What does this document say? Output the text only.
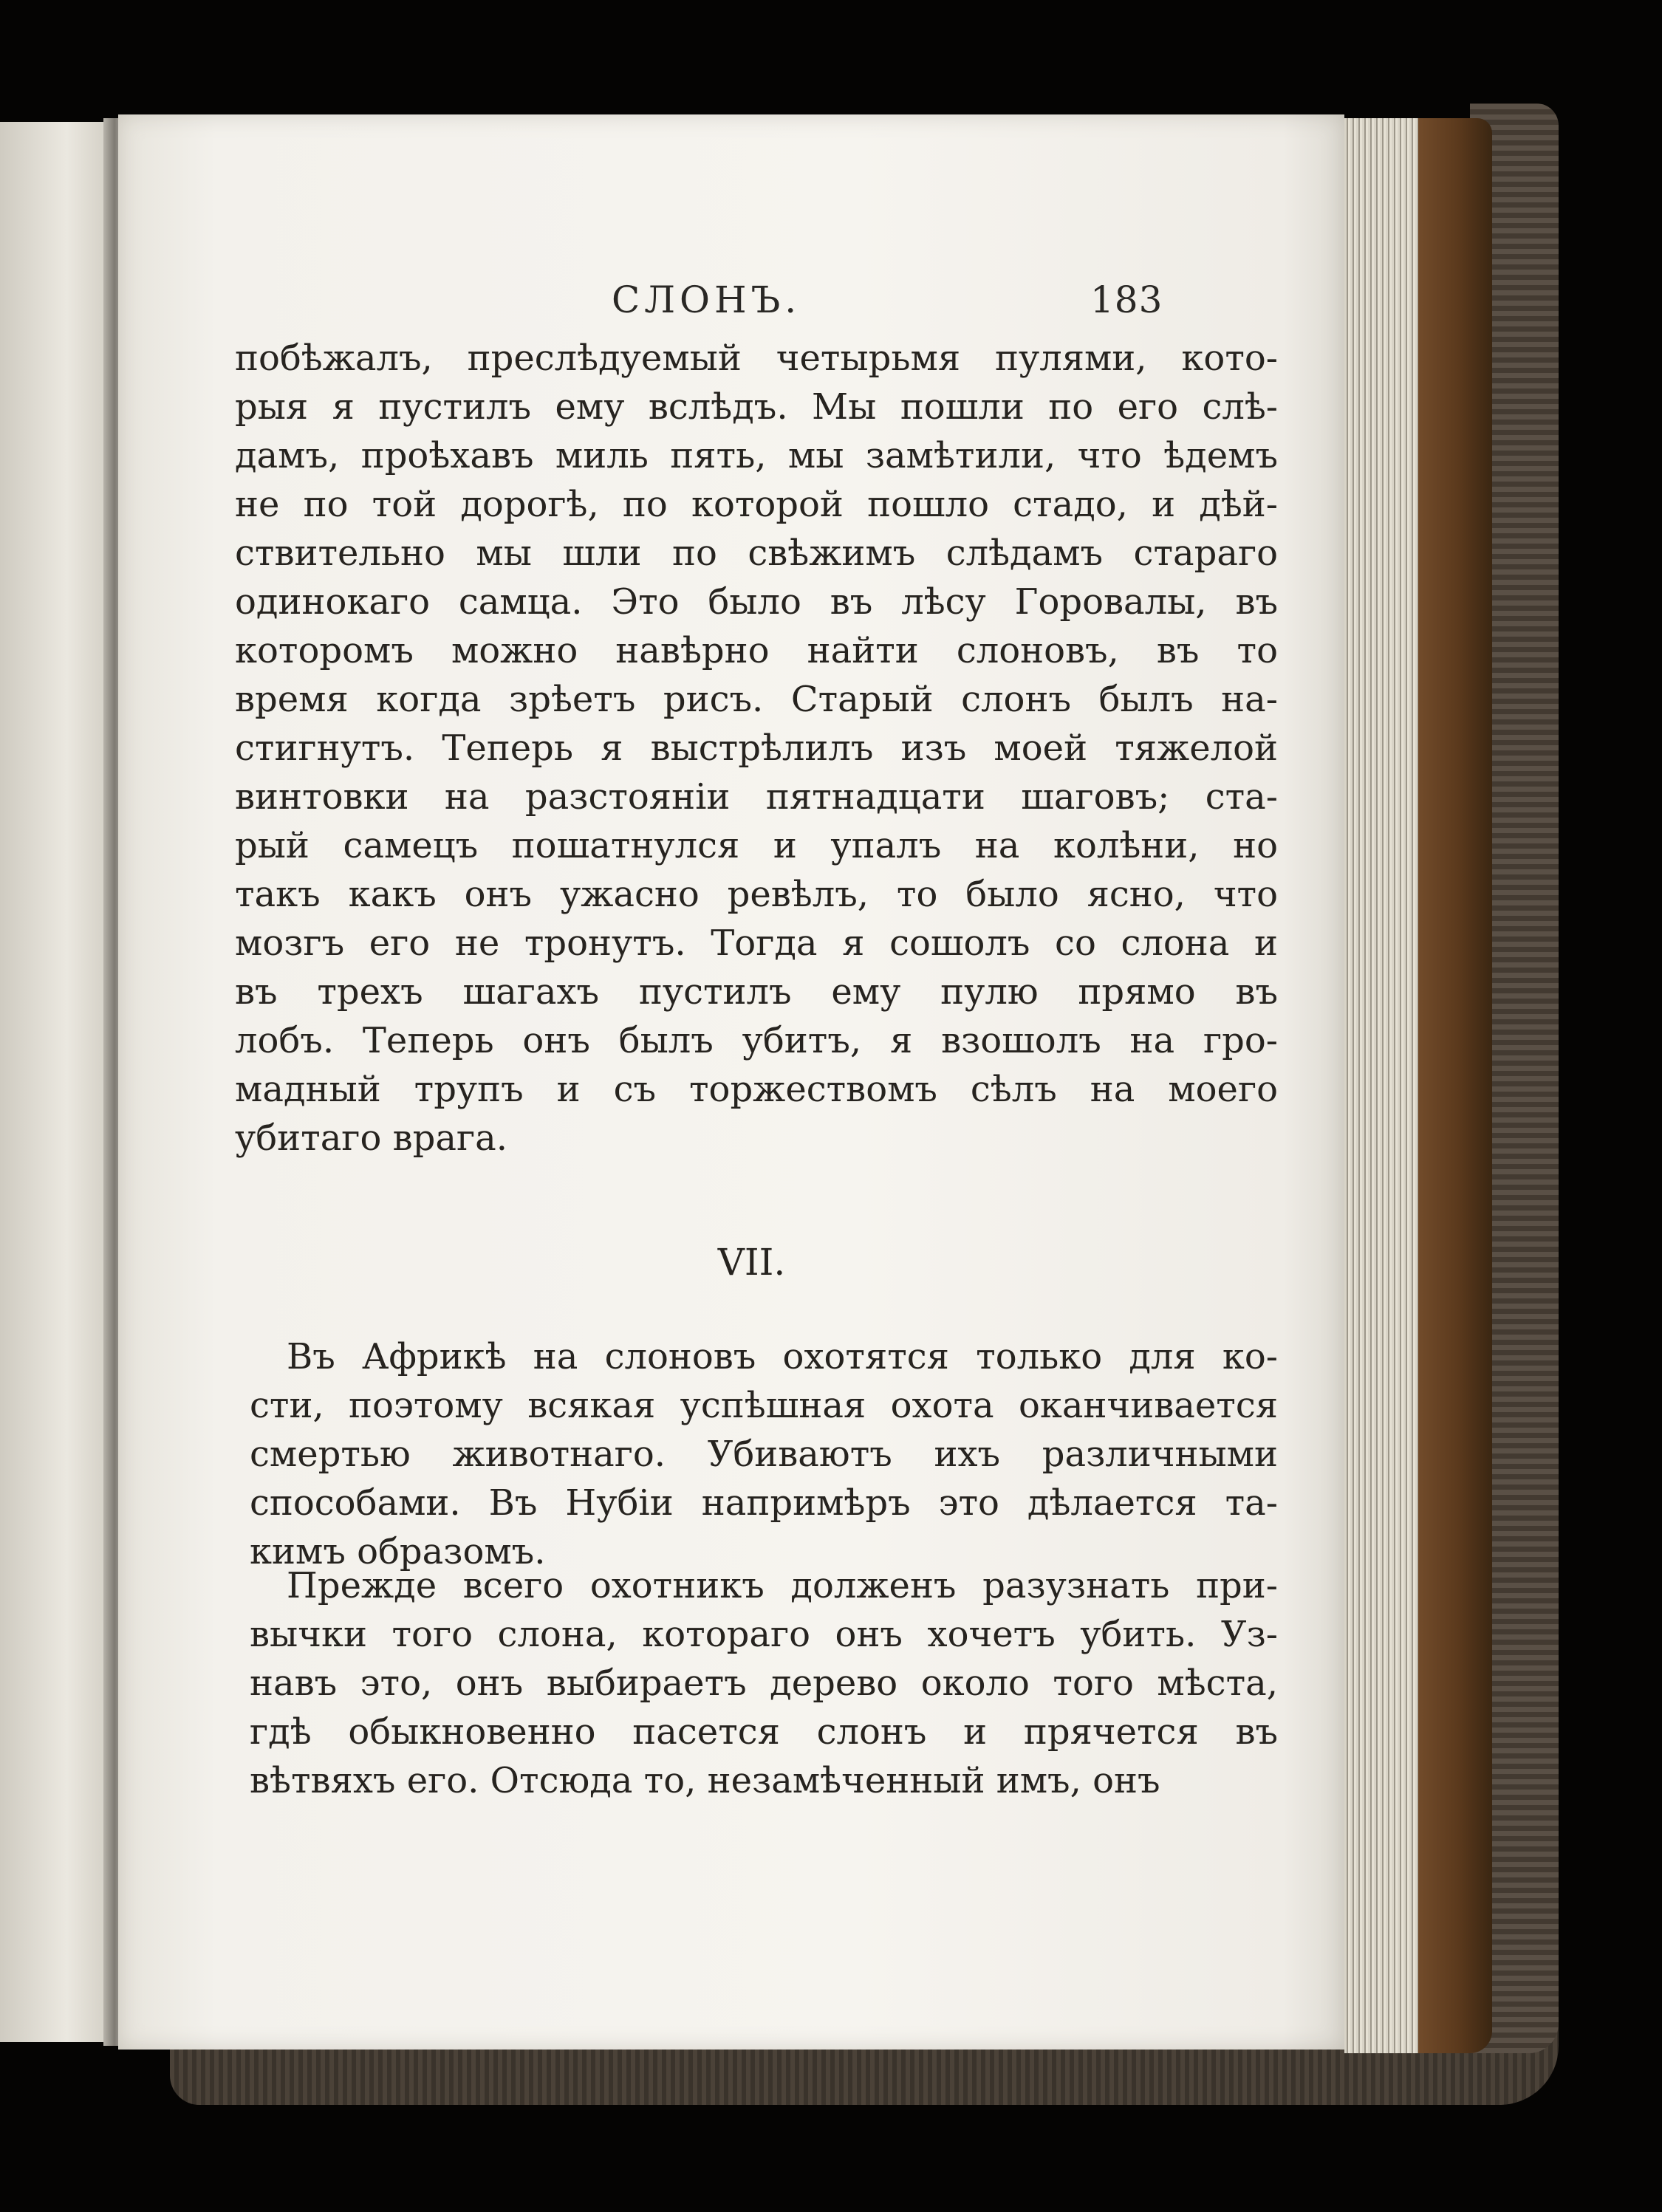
СЛОНЪ.	183
побѣжалъ, преслѣдуемый четырьмя пулями, кото-
рыя я пустилъ ему вслѣдъ. Мы пошли по его слѣ-
дамъ, проѣхавъ миль пять, мы замѣтили, что ѣдемъ
не по той дорогѣ, по которой пошло стадо, и дѣй-
ствительно мы шли по свѣжимъ слѣдамъ стараго
одинокаго самца. Это было въ лѣсу Горовалы, въ
которомъ можно навѣрно найти слоновъ, въ то
время когда зрѣетъ рисъ. Старый слонъ былъ на-
стигнутъ. Теперь я выстрѣлилъ изъ моей тяжелой
винтовки на разстояніи пятнадцати шаговъ; ста-
рый самецъ пошатнулся и упалъ на колѣни, но
такъ какъ онъ ужасно ревѣлъ, то было ясно, что
мозгъ его не тронутъ. Тогда я сошолъ со слона и
въ трехъ шагахъ пустилъ ему пулю прямо въ
лобъ. Теперь онъ былъ убитъ, я взошолъ на гро-
мадный трупъ и съ торжествомъ сѣлъ на моего
убитаго врага.
VII.
Въ Африкѣ на слоновъ охотятся только для ко-
сти, поэтому всякая успѣшная охота оканчивается
смертью животнаго. Убиваютъ ихъ различными
способами. Въ Нубіи напримѣръ это дѣлается та-
кимъ образомъ.
Прежде всего охотникъ долженъ разузнать при-
вычки того слона, котораго онъ хочетъ убить. Уз-
навъ это, онъ выбираетъ дерево около того мѣста,
гдѣ обыкновенно пасется слонъ и прячется въ
вѣтвяхъ его. Отсюда то, незамѣченный имъ, онъ
